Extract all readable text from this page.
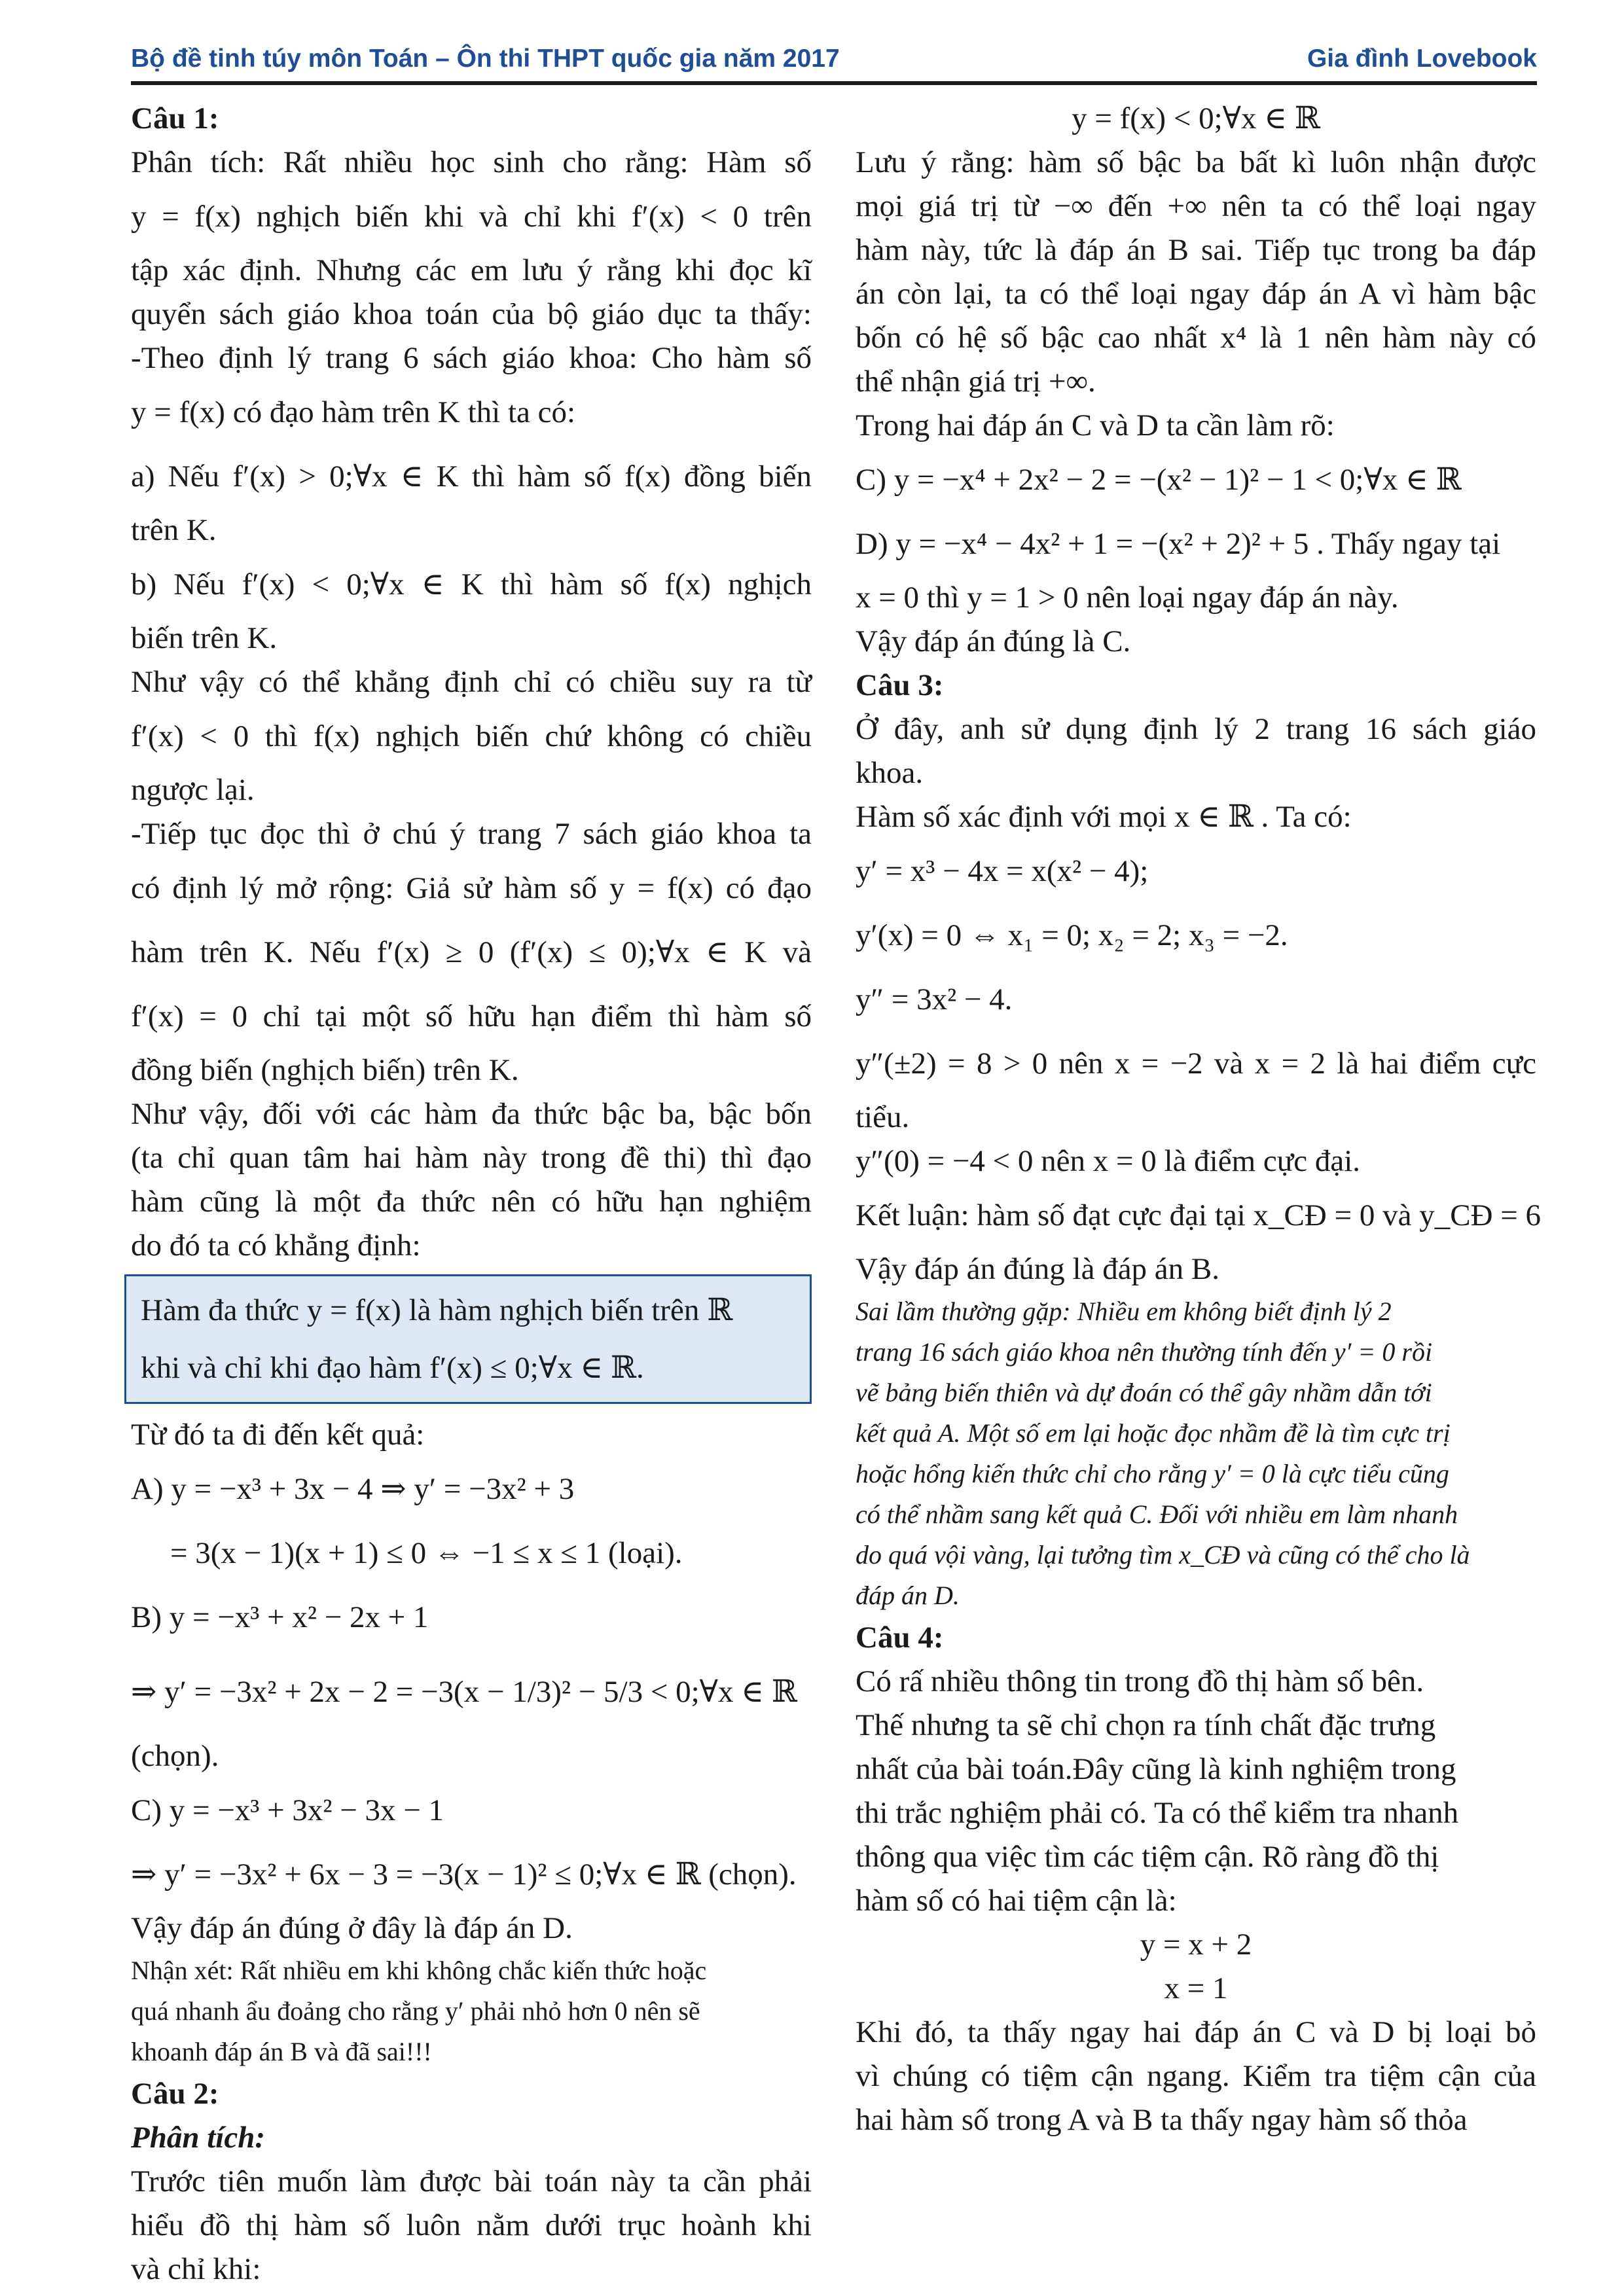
Bộ đề tinh túy môn Toán – Ôn thi THPT quốc gia năm 2017	Gia đình Lovebook
Câu 1:
Phân tích: Rất nhiều học sinh cho rằng: Hàm số
y = f(x) nghịch biến khi và chỉ khi f′(x) < 0 trên
tập xác định. Nhưng các em lưu ý rằng khi đọc kĩ
quyển sách giáo khoa toán của bộ giáo dục ta thấy:
-Theo định lý trang 6 sách giáo khoa: Cho hàm số
y = f(x) có đạo hàm trên K thì ta có:
a) Nếu f′(x) > 0;∀x ∈ K thì hàm số f(x) đồng biến
trên K.
b) Nếu f′(x) < 0;∀x ∈ K thì hàm số f(x) nghịch
biến trên K.
Như vậy có thể khẳng định chỉ có chiều suy ra từ
f′(x) < 0 thì f(x) nghịch biến chứ không có chiều
ngược lại.
-Tiếp tục đọc thì ở chú ý trang 7 sách giáo khoa ta
có định lý mở rộng: Giả sử hàm số y = f(x) có đạo
hàm trên K. Nếu f′(x) ≥ 0 (f′(x) ≤ 0);∀x ∈ K và
f′(x) = 0 chỉ tại một số hữu hạn điểm thì hàm số
đồng biến (nghịch biến) trên K.
Như vậy, đối với các hàm đa thức bậc ba, bậc bốn
(ta chỉ quan tâm hai hàm này trong đề thi) thì đạo
hàm cũng là một đa thức nên có hữu hạn nghiệm
do đó ta có khẳng định:
Hàm đa thức y = f(x) là hàm nghịch biến trên ℝ
khi và chỉ khi đạo hàm f′(x) ≤ 0;∀x ∈ ℝ.
Từ đó ta đi đến kết quả:
A) y = −x³ + 3x − 4 ⇒ y′ = −3x² + 3
= 3(x − 1)(x + 1) ≤ 0 ⇔ −1 ≤ x ≤ 1 (loại).
B) y = −x³ + x² − 2x + 1
⇒ y′ = −3x² + 2x − 2 = −3(x − 1/3)² − 5/3 < 0;∀x ∈ ℝ
(chọn).
C) y = −x³ + 3x² − 3x − 1
⇒ y′ = −3x² + 6x − 3 = −3(x − 1)² ≤ 0;∀x ∈ ℝ (chọn).
Vậy đáp án đúng ở đây là đáp án D.
Nhận xét: Rất nhiều em khi không chắc kiến thức hoặc
quá nhanh ẩu đoảng cho rằng y′ phải nhỏ hơn 0 nên sẽ
khoanh đáp án B và đã sai!!!
Câu 2:
Phân tích:
Trước tiên muốn làm được bài toán này ta cần phải
hiểu đồ thị hàm số luôn nằm dưới trục hoành khi
và chỉ khi:
y = f(x) < 0;∀x ∈ ℝ
Lưu ý rằng: hàm số bậc ba bất kì luôn nhận được
mọi giá trị từ −∞ đến +∞ nên ta có thể loại ngay
hàm này, tức là đáp án B sai. Tiếp tục trong ba đáp
án còn lại, ta có thể loại ngay đáp án A vì hàm bậc
bốn có hệ số bậc cao nhất x⁴ là 1 nên hàm này có
thể nhận giá trị +∞.
Trong hai đáp án C và D ta cần làm rõ:
C) y = −x⁴ + 2x² − 2 = −(x² − 1)² − 1 < 0;∀x ∈ ℝ
D) y = −x⁴ − 4x² + 1 = −(x² + 2)² + 5 . Thấy ngay tại
x = 0 thì y = 1 > 0 nên loại ngay đáp án này.
Vậy đáp án đúng là C.
Câu 3:
Ở đây, anh sử dụng định lý 2 trang 16 sách giáo
khoa.
Hàm số xác định với mọi x ∈ ℝ . Ta có:
y′ = x³ − 4x = x(x² − 4);
y′(x) = 0 ⇔ x₁ = 0; x₂ = 2; x₃ = −2.
y″ = 3x² − 4.
y″(±2) = 8 > 0 nên x = −2 và x = 2 là hai điểm cực
tiểu.
y″(0) = −4 < 0 nên x = 0 là điểm cực đại.
Kết luận: hàm số đạt cực đại tại x_CĐ = 0 và y_CĐ = 6
Vậy đáp án đúng là đáp án B.
Sai lầm thường gặp: Nhiều em không biết định lý 2
trang 16 sách giáo khoa nên thường tính đến y′ = 0 rồi
vẽ bảng biến thiên và dự đoán có thể gây nhầm dẫn tới
kết quả A. Một số em lại hoặc đọc nhầm đề là tìm cực trị
hoặc hổng kiến thức chỉ cho rằng y′ = 0 là cực tiểu cũng
có thể nhầm sang kết quả C. Đối với nhiều em làm nhanh
do quá vội vàng, lại tưởng tìm x_CĐ và cũng có thể cho là
đáp án D.
Câu 4:
Có rấ nhiều thông tin trong đồ thị hàm số bên.
Thế nhưng ta sẽ chỉ chọn ra tính chất đặc trưng
nhất của bài toán.Đây cũng là kinh nghiệm trong
thi trắc nghiệm phải có. Ta có thể kiểm tra nhanh
thông qua việc tìm các tiệm cận. Rõ ràng đồ thị
hàm số có hai tiệm cận là:
y = x + 2
x = 1
Khi đó, ta thấy ngay hai đáp án C và D bị loại bỏ
vì chúng có tiệm cận ngang. Kiểm tra tiệm cận của
hai hàm số trong A và B ta thấy ngay hàm số thỏa
